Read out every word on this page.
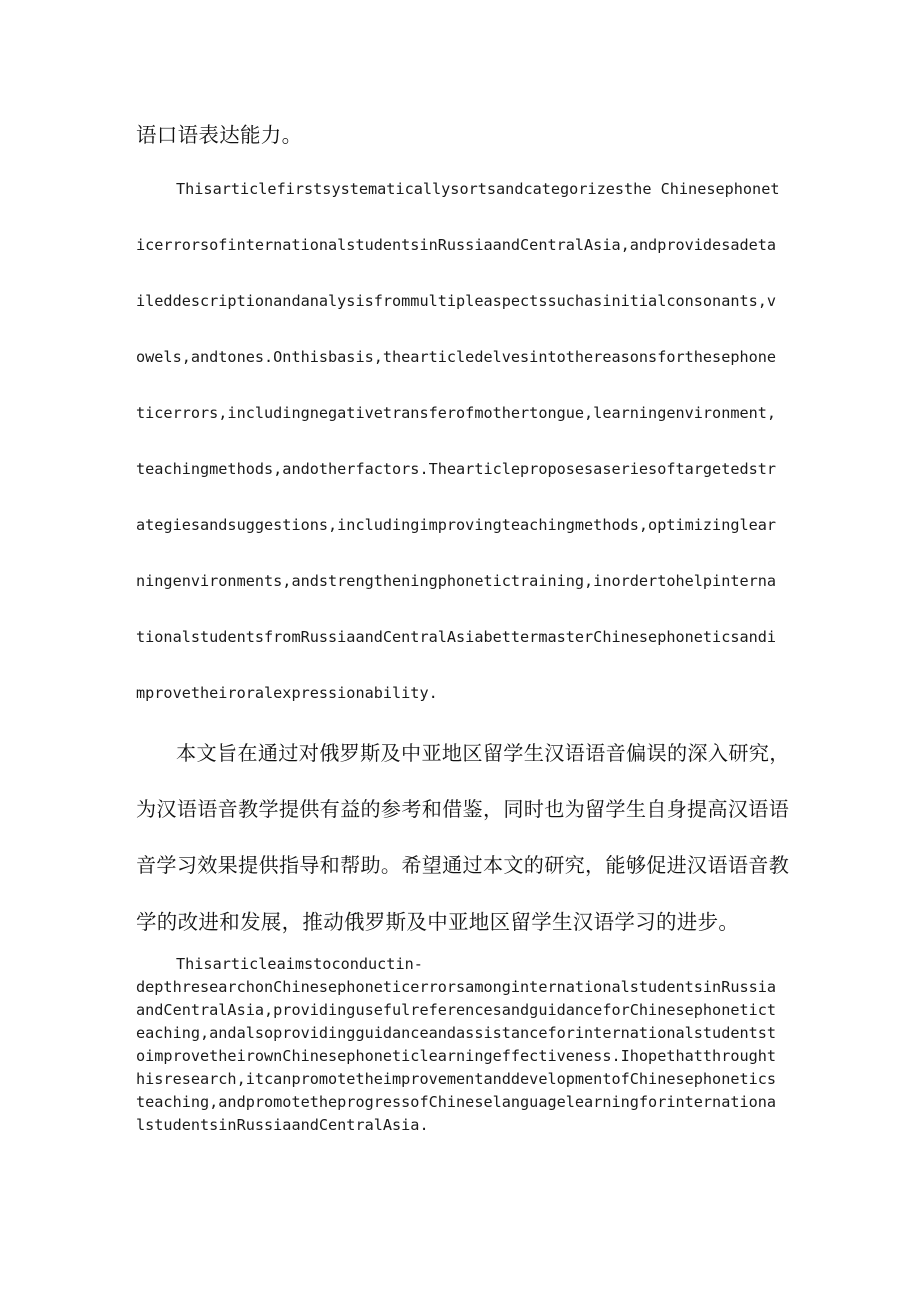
语口语表达能力。

Thisarticlefirstsystematicallysortsandcategorizesthe Chinesephonet

icerrorsofinternationalstudentsinRussiaandCentralAsia,andprovidesadeta

ileddescriptionandanalysisfrommultipleaspectssuchasinitialconsonants,v

owels,andtones.Onthisbasis,thearticledelvesintothereasonsforthesephone

ticerrors,includingnegativetransferofmothertongue,learningenvironment,

teachingmethods,andotherfactors.Thearticleproposesaseriesoftargetedstr

ategiesandsuggestions,includingimprovingteachingmethods,optimizinglear

ningenvironments,andstrengtheningphonetictraining,inordertohelpinterna

tionalstudentsfromRussiaandCentralAsiabettermasterChinesephoneticsandi

mprovetheiroralexpressionability.

本文旨在通过对俄罗斯及中亚地区留学生汉语语音偏误的深入研究，

为汉语语音教学提供有益的参考和借鉴，同时也为留学生自身提高汉语语

音学习效果提供指导和帮助。希望通过本文的研究，能够促进汉语语音教

学的改进和发展，推动俄罗斯及中亚地区留学生汉语学习的进步。

Thisarticleaimstoconductin-

depthresearchonChinesephoneticerrorsamonginternationalstudentsinRussia

andCentralAsia,providingusefulreferencesandguidanceforChinesephonetict

eaching,andalsoprovidingguidanceandassistanceforinternationalstudentst

oimprovetheirownChinesephoneticlearningeffectiveness.Ihopethatthrought

hisresearch,itcanpromotetheimprovementanddevelopmentofChinesephonetics

teaching,andpromotetheprogressofChineselanguagelearningforinternationa

lstudentsinRussiaandCentralAsia.
